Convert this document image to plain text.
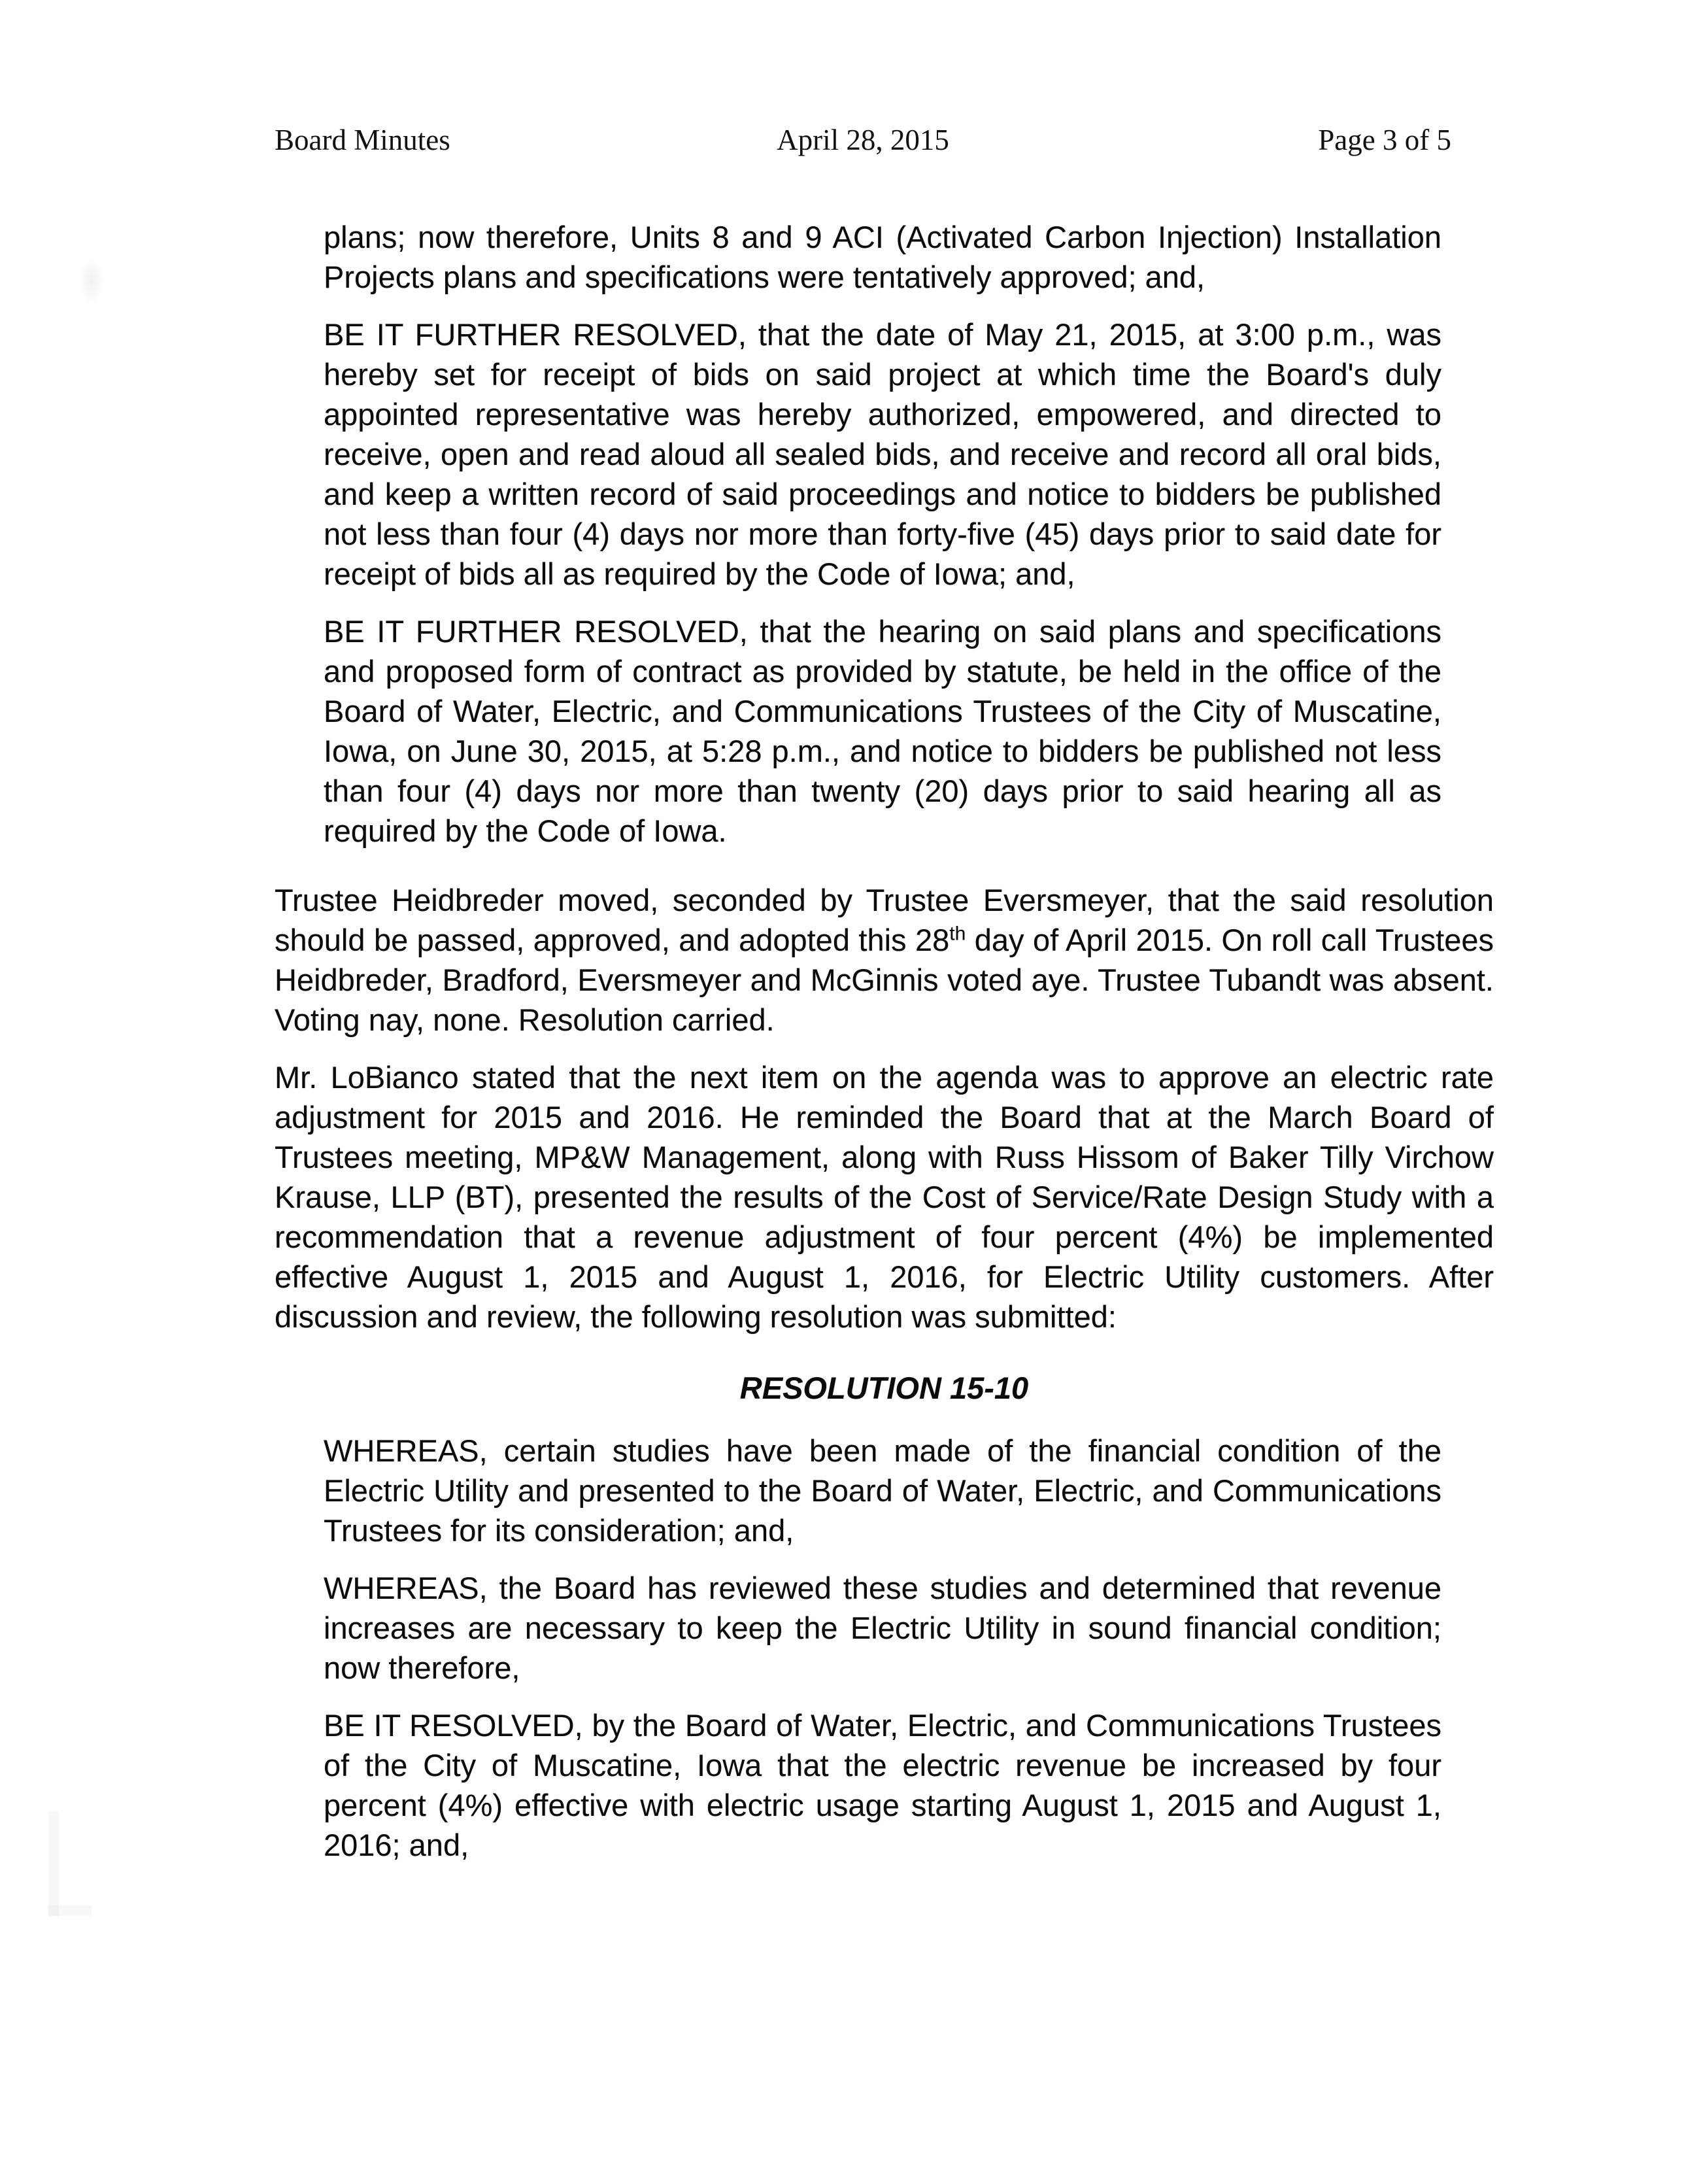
Board Minutes	April 28, 2015	Page 3 of 5

plans; now therefore, Units 8 and 9 ACI (Activated Carbon Injection) Installation Projects plans and specifications were tentatively approved; and,

BE IT FURTHER RESOLVED, that the date of May 21, 2015, at 3:00 p.m., was hereby set for receipt of bids on said project at which time the Board's duly appointed representative was hereby authorized, empowered, and directed to receive, open and read aloud all sealed bids, and receive and record all oral bids, and keep a written record of said proceedings and notice to bidders be published not less than four (4) days nor more than forty-five (45) days prior to said date for receipt of bids all as required by the Code of Iowa; and,

BE IT FURTHER RESOLVED, that the hearing on said plans and specifications and proposed form of contract as provided by statute, be held in the office of the Board of Water, Electric, and Communications Trustees of the City of Muscatine, Iowa, on June 30, 2015, at 5:28 p.m., and notice to bidders be published not less than four (4) days nor more than twenty (20) days prior to said hearing all as required by the Code of Iowa.

Trustee Heidbreder moved, seconded by Trustee Eversmeyer, that the said resolution should be passed, approved, and adopted this 28th day of April 2015. On roll call Trustees Heidbreder, Bradford, Eversmeyer and McGinnis voted aye. Trustee Tubandt was absent. Voting nay, none. Resolution carried.

Mr. LoBianco stated that the next item on the agenda was to approve an electric rate adjustment for 2015 and 2016. He reminded the Board that at the March Board of Trustees meeting, MP&W Management, along with Russ Hissom of Baker Tilly Virchow Krause, LLP (BT), presented the results of the Cost of Service/Rate Design Study with a recommendation that a revenue adjustment of four percent (4%) be implemented effective August 1, 2015 and August 1, 2016, for Electric Utility customers. After discussion and review, the following resolution was submitted:

RESOLUTION 15-10

WHEREAS, certain studies have been made of the financial condition of the Electric Utility and presented to the Board of Water, Electric, and Communications Trustees for its consideration; and,

WHEREAS, the Board has reviewed these studies and determined that revenue increases are necessary to keep the Electric Utility in sound financial condition; now therefore,

BE IT RESOLVED, by the Board of Water, Electric, and Communications Trustees of the City of Muscatine, Iowa that the electric revenue be increased by four percent (4%) effective with electric usage starting August 1, 2015 and August 1, 2016; and,
